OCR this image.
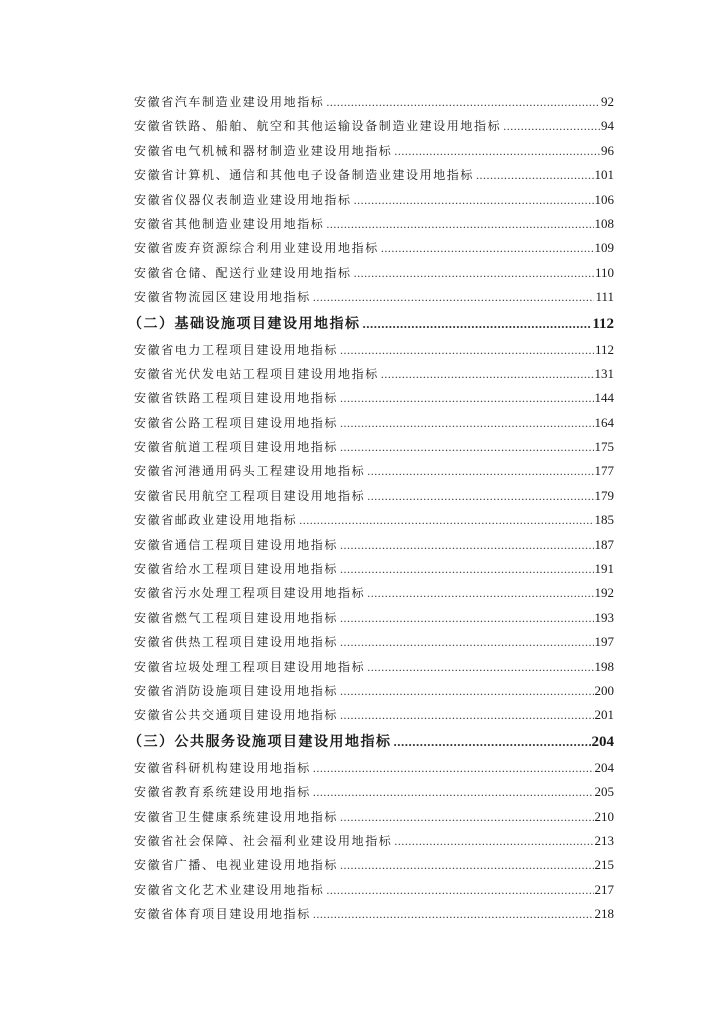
安徽省汽车制造业建设用地指标 .....	92
安徽省铁路、船舶、航空和其他运输设备制造业建设用地指标 .....	94
安徽省电气机械和器材制造业建设用地指标 .....	96
安徽省计算机、通信和其他电子设备制造业建设用地指标 .....	101
安徽省仪器仪表制造业建设用地指标 .....	106
安徽省其他制造业建设用地指标 .....	108
安徽省废弃资源综合利用业建设用地指标 .....	109
安徽省仓储、配送行业建设用地指标 .....	110
安徽省物流园区建设用地指标 .....	111
（二）基础设施项目建设用地指标 .....	112
安徽省电力工程项目建设用地指标 .....	112
安徽省光伏发电站工程项目建设用地指标 .....	131
安徽省铁路工程项目建设用地指标 .....	144
安徽省公路工程项目建设用地指标 .....	164
安徽省航道工程项目建设用地指标 .....	175
安徽省河港通用码头工程建设用地指标 .....	177
安徽省民用航空工程项目建设用地指标 .....	179
安徽省邮政业建设用地指标 .....	185
安徽省通信工程项目建设用地指标 .....	187
安徽省给水工程项目建设用地指标 .....	191
安徽省污水处理工程项目建设用地指标 .....	192
安徽省燃气工程项目建设用地指标 .....	193
安徽省供热工程项目建设用地指标 .....	197
安徽省垃圾处理工程项目建设用地指标 .....	198
安徽省消防设施项目建设用地指标 .....	200
安徽省公共交通项目建设用地指标 .....	201
（三）公共服务设施项目建设用地指标 .....	204
安徽省科研机构建设用地指标 .....	204
安徽省教育系统建设用地指标 .....	205
安徽省卫生健康系统建设用地指标 .....	210
安徽省社会保障、社会福利业建设用地指标 .....	213
安徽省广播、电视业建设用地指标 .....	215
安徽省文化艺术业建设用地指标 .....	217
安徽省体育项目建设用地指标 .....	218
